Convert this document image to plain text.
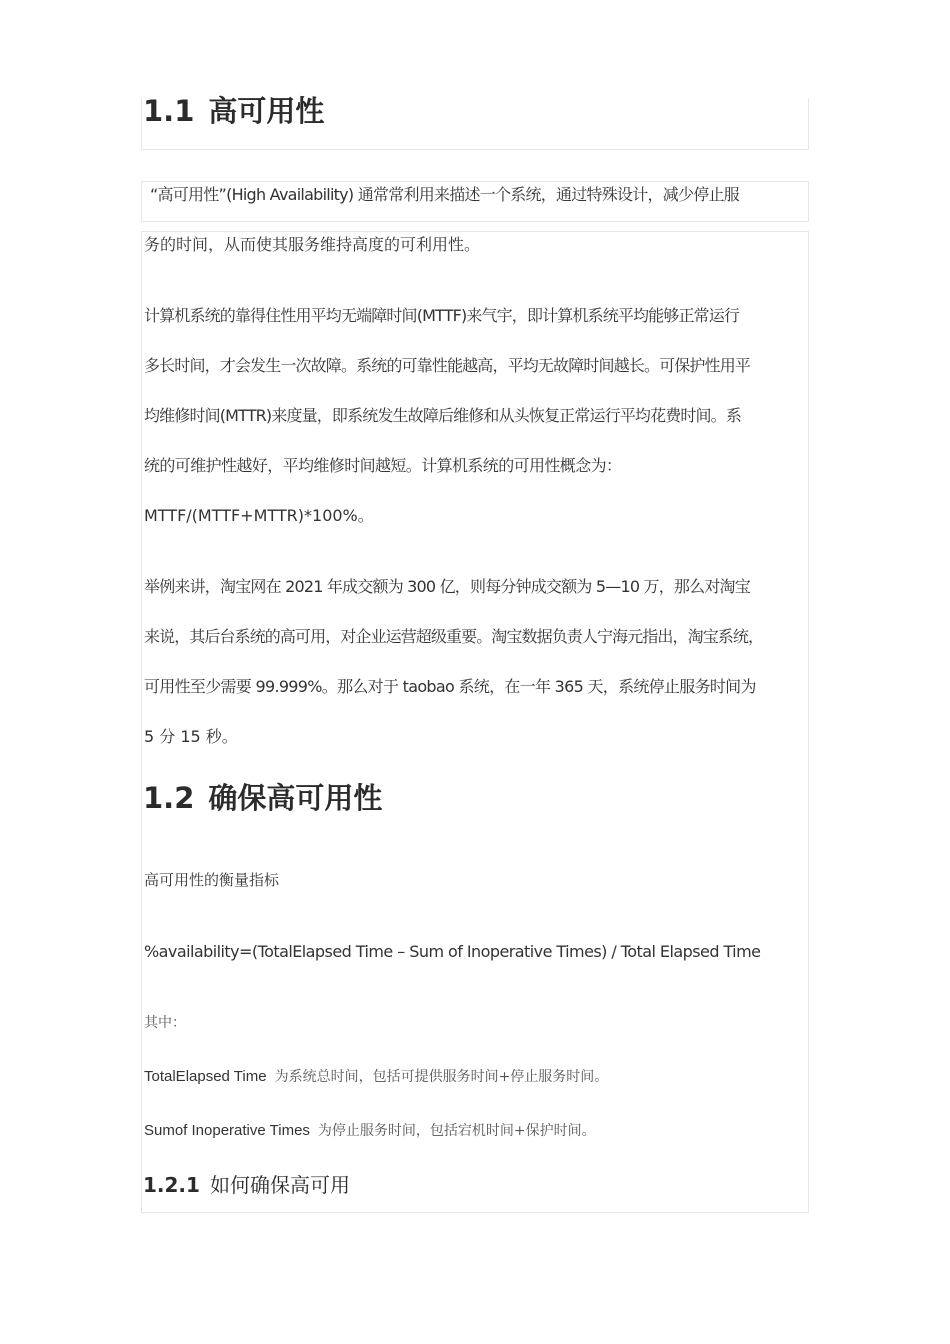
1.1 高可用性
“高可用性”(High Availability) 通常常利用来描述一个系统，通过特殊设计，减少停止服
务的时间，从而使其服务维持高度的可利用性。
计算机系统的靠得住性用平均无端障时间(MTTF)来气宇，即计算机系统平均能够正常运行
多长时间，才会发生一次故障。系统的可靠性能越高，平均无故障时间越长。可保护性用平
均维修时间(MTTR)来度量，即系统发生故障后维修和从头恢复正常运行平均花费时间。系
统的可维护性越好，平均维修时间越短。计算机系统的可用性概念为：
MTTF/(MTTF+MTTR)*100%。
举例来讲，淘宝网在 2021 年成交额为 300 亿，则每分钟成交额为 5—10 万，那么对淘宝
来说，其后台系统的高可用，对企业运营超级重要。淘宝数据负责人宁海元指出，淘宝系统，
可用性至少需要 99.999%。那么对于 taobao 系统，在一年 365 天，系统停止服务时间为
5 分 15 秒。
1.2 确保高可用性
高可用性的衡量指标
%availability=(TotalElapsed Time – Sum of Inoperative Times) / Total Elapsed Time
其中：
TotalElapsed Time 为系统总时间，包括可提供服务时间+停止服务时间。
Sumof Inoperative Times 为停止服务时间，包括宕机时间+保护时间。
1.2.1 如何确保高可用
